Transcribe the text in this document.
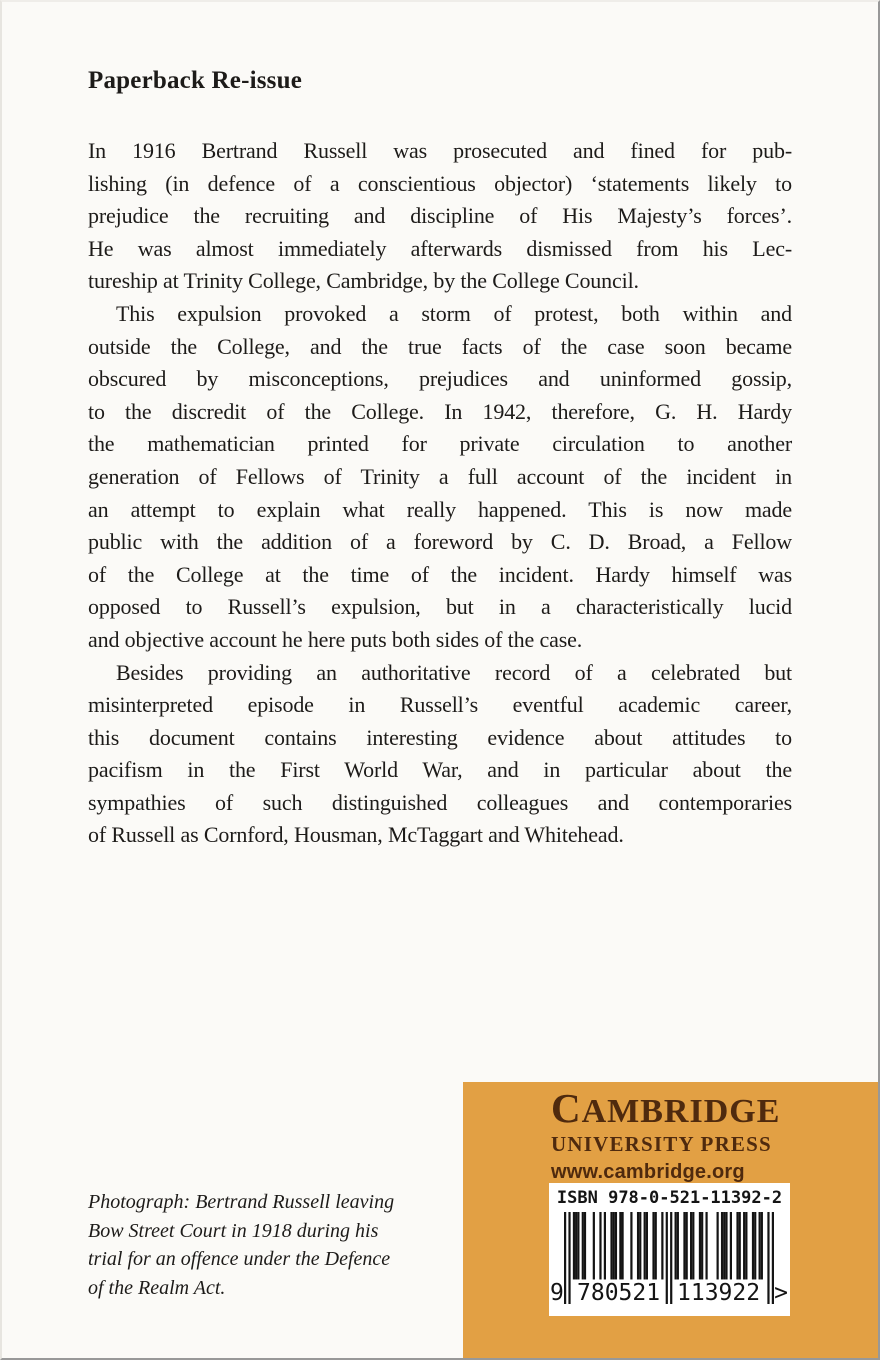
Paperback Re-issue
In 1916 Bertrand Russell was prosecuted and fined for pub-
lishing (in defence of a conscientious objector) ‘statements likely to
prejudice the recruiting and discipline of His Majesty’s forces’.
He was almost immediately afterwards dismissed from his Lec-
tureship at Trinity College, Cambridge, by the College Council.
This expulsion provoked a storm of protest, both within and
outside the College, and the true facts of the case soon became
obscured by misconceptions, prejudices and uninformed gossip,
to the discredit of the College. In 1942, therefore, G. H. Hardy
the mathematician printed for private circulation to another
generation of Fellows of Trinity a full account of the incident in
an attempt to explain what really happened. This is now made
public with the addition of a foreword by C. D. Broad, a Fellow
of the College at the time of the incident. Hardy himself was
opposed to Russell’s expulsion, but in a characteristically lucid
and objective account he here puts both sides of the case.
Besides providing an authoritative record of a celebrated but
misinterpreted episode in Russell’s eventful academic career,
this document contains interesting evidence about attitudes to
pacifism in the First World War, and in particular about the
sympathies of such distinguished colleagues and contemporaries
of Russell as Cornford, Housman, McTaggart and Whitehead.
Photograph: Bertrand Russell leaving
Bow Street Court in 1918 during his
trial for an offence under the Defence
of the Realm Act.
CAMBRIDGE
UNIVERSITY PRESS
www.cambridge.org
ISBN 978-0-521-11392-2
9 780521 113922 >
